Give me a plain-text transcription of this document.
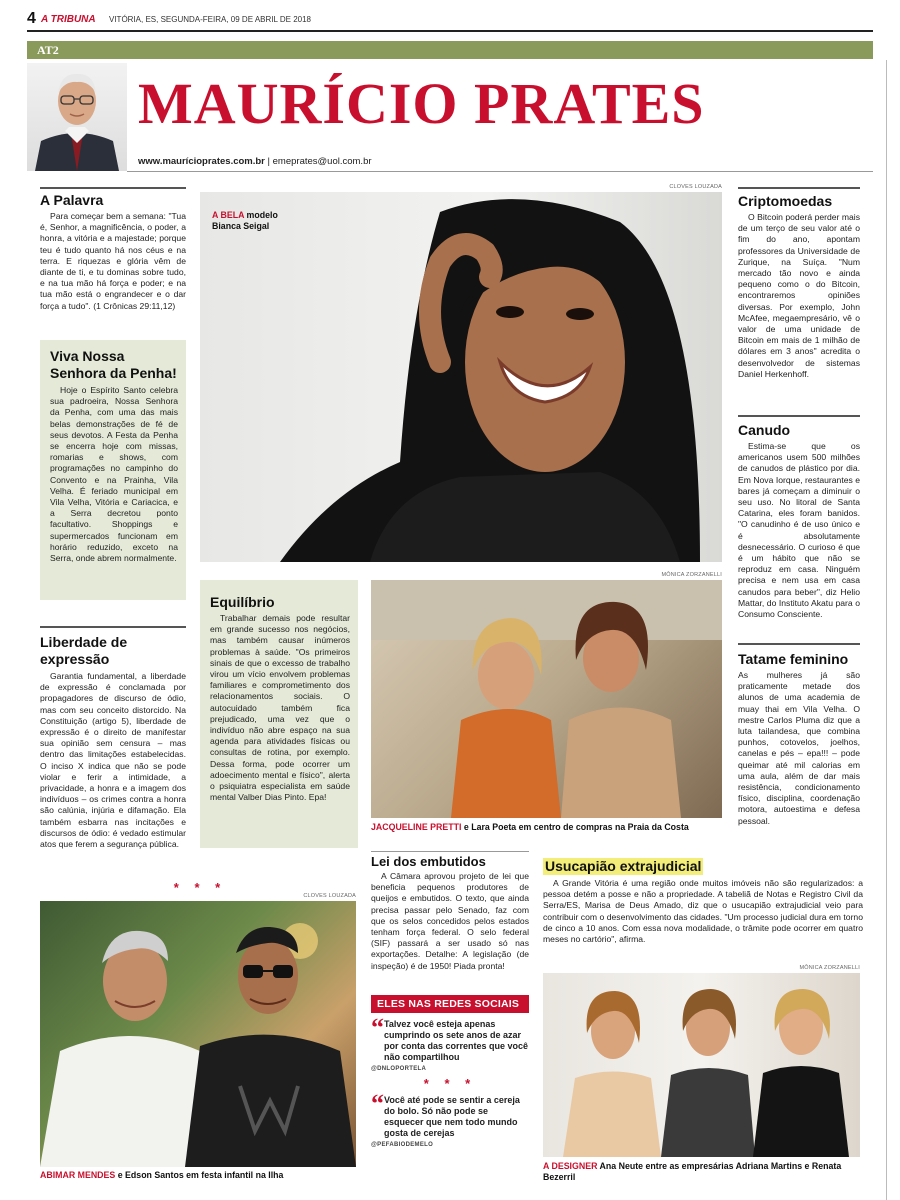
4 A TRIBUNA VITÓRIA, ES, SEGUNDA-FEIRA, 09 DE ABRIL DE 2018
AT2
MAURÍCIO PRATES
www.maurícioprates.com.br | emeprates@uol.com.br
A Palavra

Para começar bem a semana: "Tua é, Senhor, a magnificência, o poder, a honra, a vitória e a majestade; porque teu é tudo quanto há nos céus e na terra. E riquezas e glória vêm de diante de ti, e tu dominas sobre tudo, e na tua mão há força e poder; e na tua mão está o engrandecer e o dar força a tudo". (1 Crônicas 29:11,12)

Viva Nossa Senhora da Penha!

Hoje o Espírito Santo celebra sua padroeira, Nossa Senhora da Penha, com uma das mais belas demonstrações de fé de seus devotos. A Festa da Penha se encerra hoje com missas, romarias e shows, com programações no campinho do Convento e na Prainha, Vila Velha. É feriado municipal em Vila Velha, Vitória e Cariacica, e a Serra decretou ponto facultativo. Shoppings e supermercados funcionam em horário reduzido, exceto na Serra, onde abrem normalmente.

Liberdade de expressão

Garantia fundamental, a liberdade de expressão é conclamada por propagadores de discurso de ódio, mas com seu conceito distorcido. Na Constituição (artigo 5), liberdade de expressão é o direito de manifestar sua opinião sem censura – mas dentro das limitações estabelecidas. O inciso X indica que não se pode violar e ferir a intimidade, a privacidade, a honra e a imagem dos indivíduos – os crimes contra a honra são calúnia, injúria e difamação. Ela também esbarra nas incitações e discursos de ódio: é vedado estimular atos que ferem a segurança pública.

* * *
CLOVES LOUZADA
ABIMAR MENDES e Edson Santos em festa infantil na Ilha
CLOVES LOUZADA
A BELA modelo Bianca Seigal
Equilíbrio

Trabalhar demais pode resultar em grande sucesso nos negócios, mas também causar inúmeros problemas à saúde. "Os primeiros sinais de que o excesso de trabalho virou um vício envolvem problemas familiares e comprometimento dos relacionamentos sociais. O autocuidado também fica prejudicado, uma vez que o indivíduo não abre espaço na sua agenda para atividades físicas ou consultas de rotina, por exemplo. Dessa forma, pode ocorrer um adoecimento mental e físico", alerta o psiquiatra especialista em saúde mental Valber Dias Pinto. Epa!

MÔNICA ZORZANELLI
JACQUELINE PRETTI e Lara Poeta em centro de compras na Praia da Costa
Lei dos embutidos

A Câmara aprovou projeto de lei que beneficia pequenos produtores de queijos e embutidos. O texto, que ainda precisa passar pelo Senado, faz com que os selos concedidos pelos estados tenham força federal. O selo federal (SIF) passará a ser usado só nas exportações. Detalhe: A legislação (de inspeção) é de 1950! Piada pronta!

ELES NAS REDES SOCIAIS
“ Talvez você esteja apenas cumprindo os sete anos de azar por conta das correntes que você não compartilhou

@DNLOPORTELA
* * *
“ Você até pode se sentir a cereja do bolo. Só não pode se esquecer que nem todo mundo gosta de cerejas

@PEFABIODEMELO
Usucapião extrajudicial

A Grande Vitória é uma região onde muitos imóveis não são regularizados: a pessoa detém a posse e não a propriedade. A tabeliã de Notas e Registro Civil da Serra/ES, Marisa de Deus Amado, diz que o usucapião extrajudicial veio para contribuir com o desenvolvimento das cidades. "Um processo judicial dura em torno de cinco a 10 anos. Com essa nova modalidade, o trâmite pode ocorrer em quatro meses no cartório", afirma.

MÔNICA ZORZANELLI
A DESIGNER Ana Neute entre as empresárias Adriana Martins e Renata Bezerril
Criptomoedas

O Bitcoin poderá perder mais de um terço de seu valor até o fim do ano, apontam professores da Universidade de Zurique, na Suíça. "Num mercado tão novo e ainda pequeno como o do Bitcoin, encontraremos opiniões diversas. Por exemplo, John McAfee, megaempresário, vê o valor de uma unidade de Bitcoin em mais de 1 milhão de dólares em 3 anos" acredita o desenvolvedor de sistemas Daniel Herkenhoff.

Canudo

Estima-se que os americanos usem 500 milhões de canudos de plástico por dia. Em Nova Iorque, restaurantes e bares já começam a diminuir o seu uso. No litoral de Santa Catarina, eles foram banidos. "O canudinho é de uso único e é absolutamente desnecessário. O curioso é que é um hábito que não se reproduz em casa. Ninguém precisa e nem usa em casa canudos para beber", diz Helio Mattar, do Instituto Akatu para o Consumo Consciente.

Tatame feminino

As mulheres já são praticamente metade dos alunos de uma academia de muay thai em Vila Velha. O mestre Carlos Pluma diz que a luta tailandesa, que combina punhos, cotovelos, joelhos, canelas e pés – epa!!! – pode queimar até mil calorias em uma aula, além de dar mais resistência, condicionamento físico, disciplina, coordenação motora, autoestima e defesa pessoal.
